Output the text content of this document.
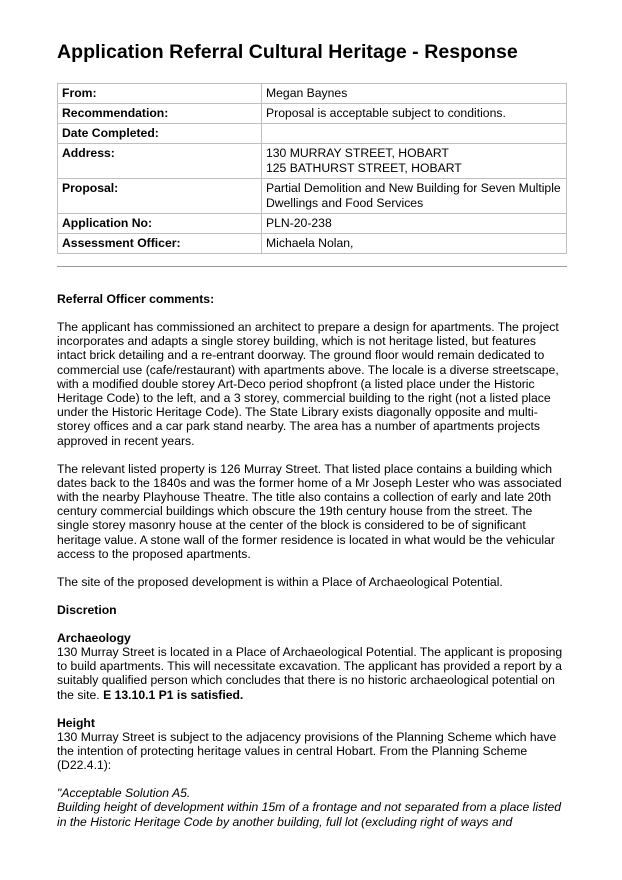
Application Referral Cultural Heritage - Response
From:	Megan Baynes
Recommendation:	Proposal is acceptable subject to conditions.
Date Completed:	
Address:	130 MURRAY STREET, HOBART
125 BATHURST STREET, HOBART

Proposal:	Partial Demolition and New Building for Seven Multiple Dwellings and Food Services
Application No:	PLN-20-238
Assessment Officer:	Michaela Nolan,

Referral Officer comments:

The applicant has commissioned an architect to prepare a design for apartments. The project incorporates and adapts a single storey building, which is not heritage listed, but features intact brick detailing and a re-entrant doorway. The ground floor would remain dedicated to commercial use (cafe/restaurant) with apartments above. The locale is a diverse streetscape, with a modified double storey Art-Deco period shopfront (a listed place under the Historic Heritage Code) to the left, and a 3 storey, commercial building to the right (not a listed place under the Historic Heritage Code). The State Library exists diagonally opposite and multi-storey offices and a car park stand nearby. The area has a number of apartments projects approved in recent years.

The relevant listed property is 126 Murray Street. That listed place contains a building which dates back to the 1840s and was the former home of a Mr Joseph Lester who was associated with the nearby Playhouse Theatre. The title also contains a collection of early and late 20th century commercial buildings which obscure the 19th century house from the street. The single storey masonry house at the center of the block is considered to be of significant heritage value. A stone wall of the former residence is located in what would be the vehicular access to the proposed apartments.

The site of the proposed development is within a Place of Archaeological Potential.

Discretion

Archaeology

130 Murray Street is located in a Place of Archaeological Potential. The applicant is proposing to build apartments. This will necessitate excavation. The applicant has provided a report by a suitably qualified person which concludes that there is no historic archaeological potential on the site. E 13.10.1 P1 is satisfied.

Height

130 Murray Street is subject to the adjacency provisions of the Planning Scheme which have the intention of protecting heritage values in central Hobart. From the Planning Scheme (D22.4.1):

"Acceptable Solution A5.

Building height of development within 15m of a frontage and not separated from a place listed in the Historic Heritage Code by another building, full lot (excluding right of ways and
